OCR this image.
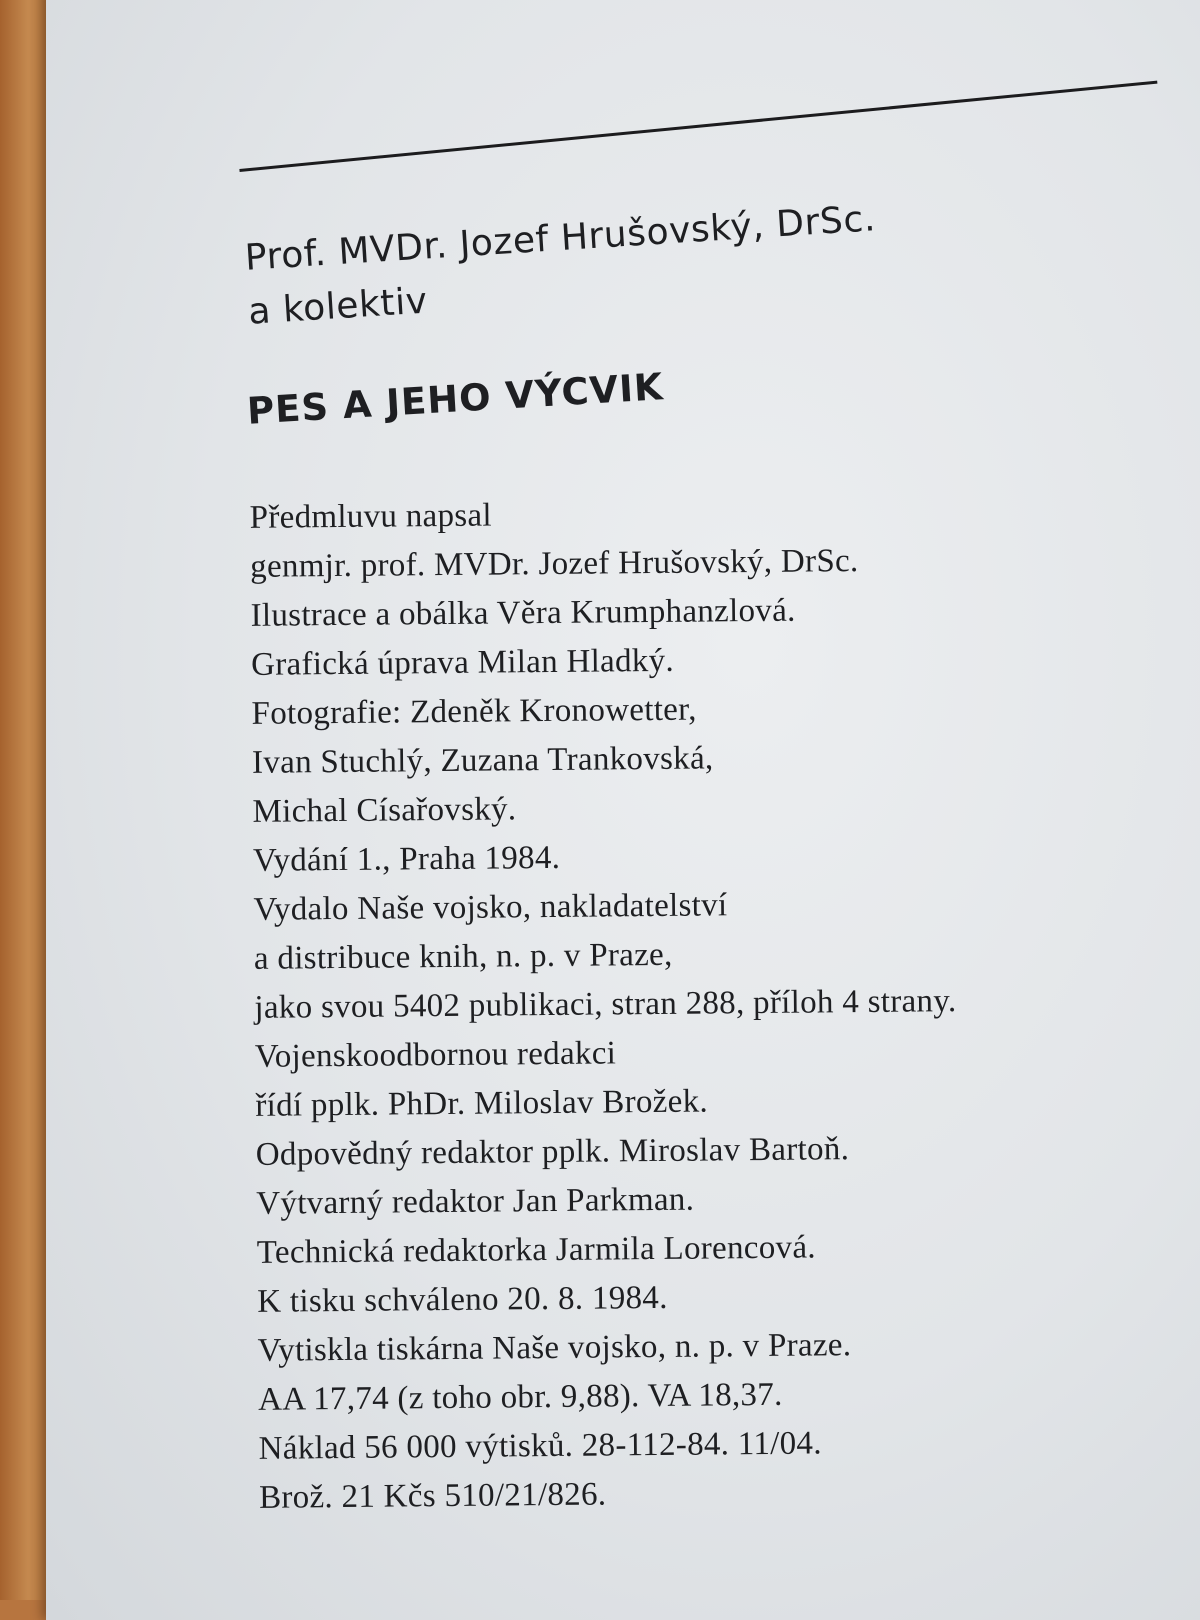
Prof. MVDr. Jozef Hrušovský, DrSc.
a kolektiv
PES A JEHO VÝCVIK
Předmluvu napsal
genmjr. prof. MVDr. Jozef Hrušovský, DrSc.
Ilustrace a obálka Věra Krumphanzlová.
Grafická úprava Milan Hladký.
Fotografie: Zdeněk Kronowetter,
Ivan Stuchlý, Zuzana Trankovská,
Michal Císařovský.
Vydání 1., Praha 1984.
Vydalo Naše vojsko, nakladatelství
a distribuce knih, n. p. v Praze,
jako svou 5402 publikaci, stran 288, příloh 4 strany.
Vojenskoodbornou redakci
řídí pplk. PhDr. Miloslav Brožek.
Odpovědný redaktor pplk. Miroslav Bartoň.
Výtvarný redaktor Jan Parkman.
Technická redaktorka Jarmila Lorencová.
K tisku schváleno 20. 8. 1984.
Vytiskla tiskárna Naše vojsko, n. p. v Praze.
AA 17,74 (z toho obr. 9,88). VA 18,37.
Náklad 56 000 výtisků. 28-112-84. 11/04.
Brož. 21 Kčs 510/21/826.
